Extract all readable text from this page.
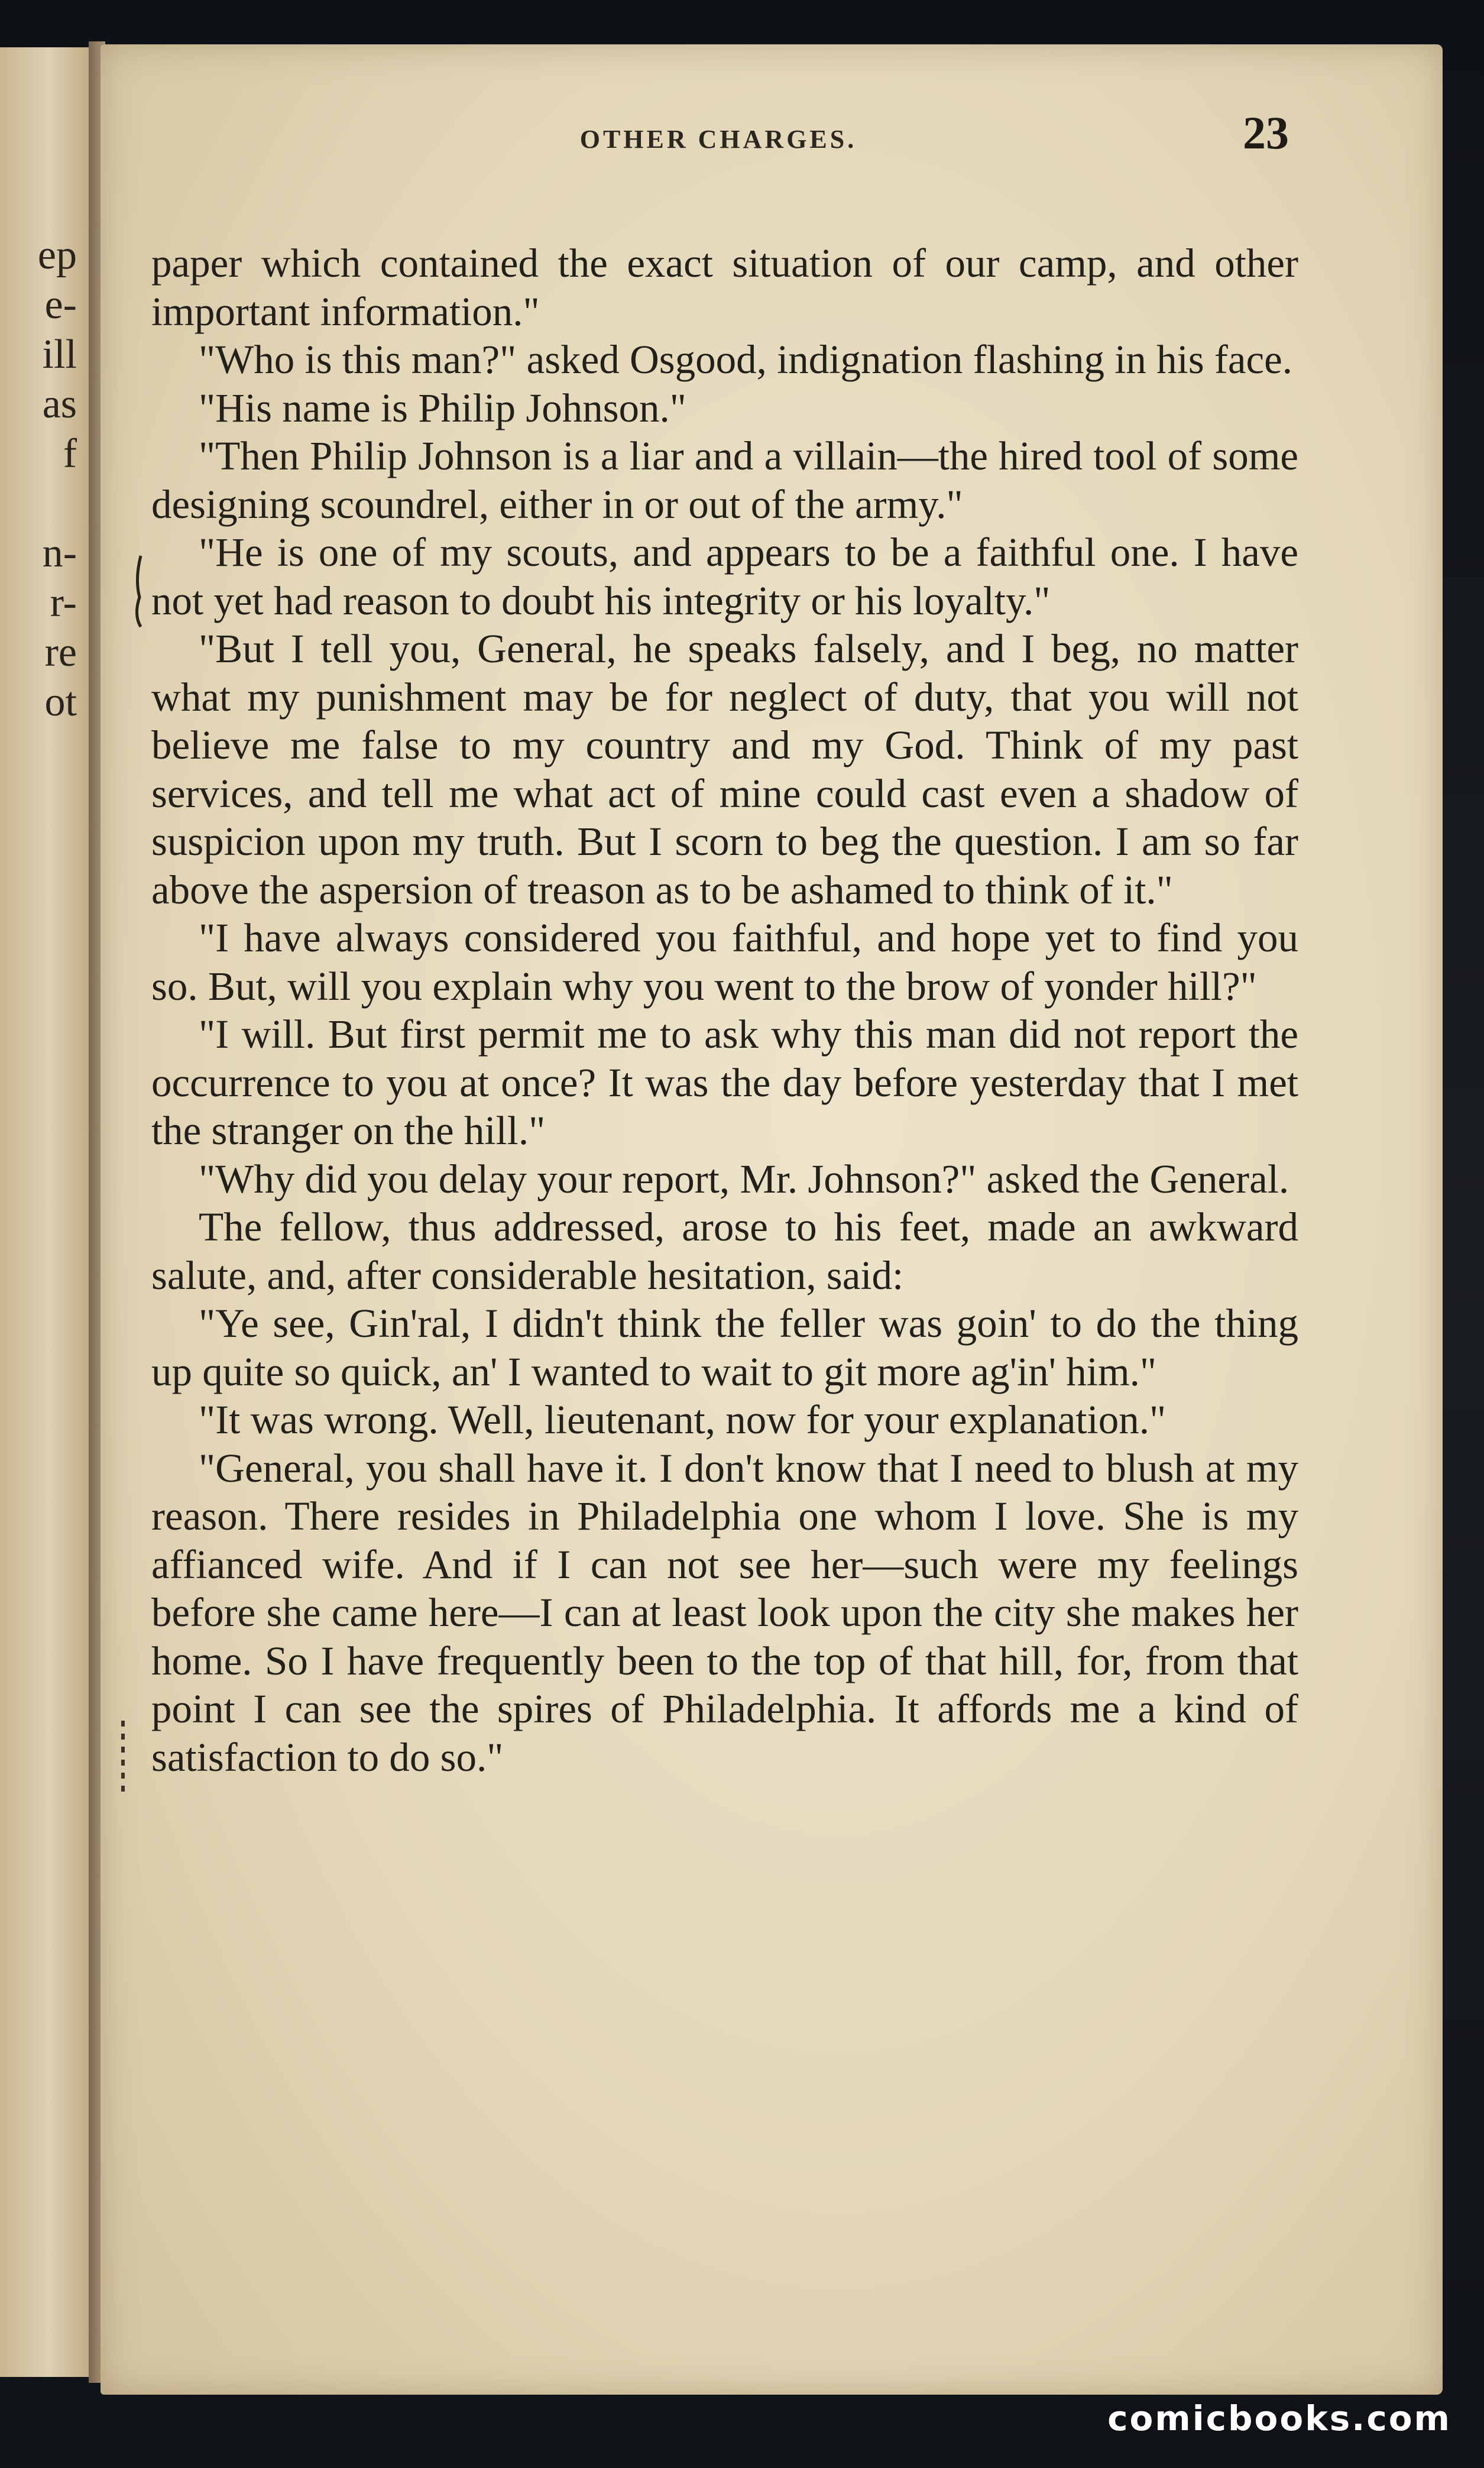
ep
e-
ill
as
f
n-
r-
re
ot
OTHER CHARGES.	23

paper which contained the exact situation of our camp, and other important information."

"Who is this man?" asked Osgood, indignation flashing in his face.

"His name is Philip Johnson."

"Then Philip Johnson is a liar and a villain—the hired tool of some designing scoundrel, either in or out of the army."

"He is one of my scouts, and appears to be a faithful one. I have not yet had reason to doubt his integrity or his loyalty."

"But I tell you, General, he speaks falsely, and I beg, no matter what my punishment may be for neglect of duty, that you will not believe me false to my country and my God. Think of my past services, and tell me what act of mine could cast even a shadow of suspicion upon my truth. But I scorn to beg the question. I am so far above the aspersion of treason as to be ashamed to think of it."

"I have always considered you faithful, and hope yet to find you so. But, will you explain why you went to the brow of yonder hill?"

"I will. But first permit me to ask why this man did not report the occurrence to you at once? It was the day before yesterday that I met the stranger on the hill."

"Why did you delay your report, Mr. Johnson?" asked the General.

The fellow, thus addressed, arose to his feet, made an awkward salute, and, after considerable hesitation, said:

"Ye see, Gin'ral, I didn't think the feller was goin' to do the thing up quite so quick, an' I wanted to wait to git more ag'in' him."

"It was wrong. Well, lieutenant, now for your explanation."

"General, you shall have it. I don't know that I need to blush at my reason. There resides in Philadelphia one whom I love. She is my affianced wife. And if I can not see her—such were my feelings before she came here—I can at least look upon the city she makes her home. So I have frequently been to the top of that hill, for, from that point I can see the spires of Philadelphia. It affords me a kind of satisfaction to do so."

comicbooks.com
